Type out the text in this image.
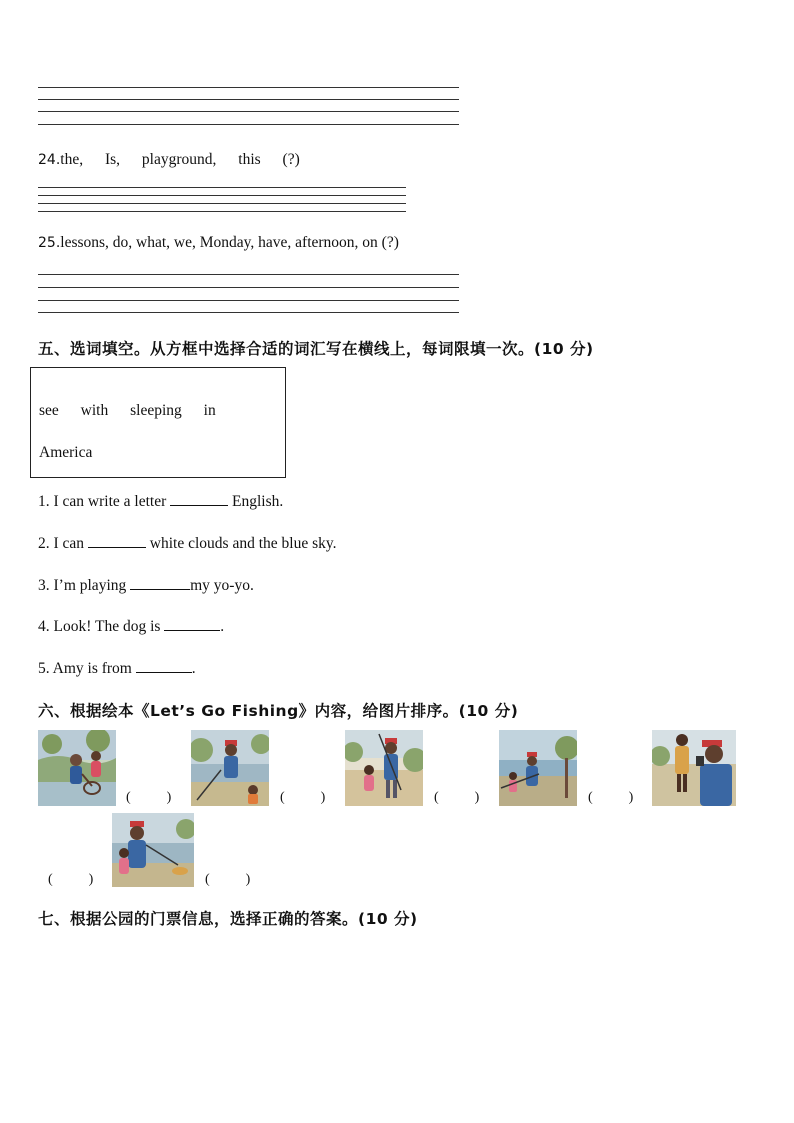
24.the, Is, playground, this (?)
25.lessons, do, what, we, Monday, have, afternoon, on (?)
五、选词填空。从方框中选择合适的词汇写在横线上，每词限填一次。(10 分)
see with sleeping in
America
1. I can write a letter	English.
2. I can	white clouds and the blue sky.
3. I’m playing	my yo-yo.
4. Look! The dog is	.
5. Amy is from	.
六、根据绘本《Let’s Go Fishing》内容，给图片排序。(10 分)
(	)	(	)	(	)	(	)
(	)	(	)
七、根据公园的门票信息，选择正确的答案。(10 分)
